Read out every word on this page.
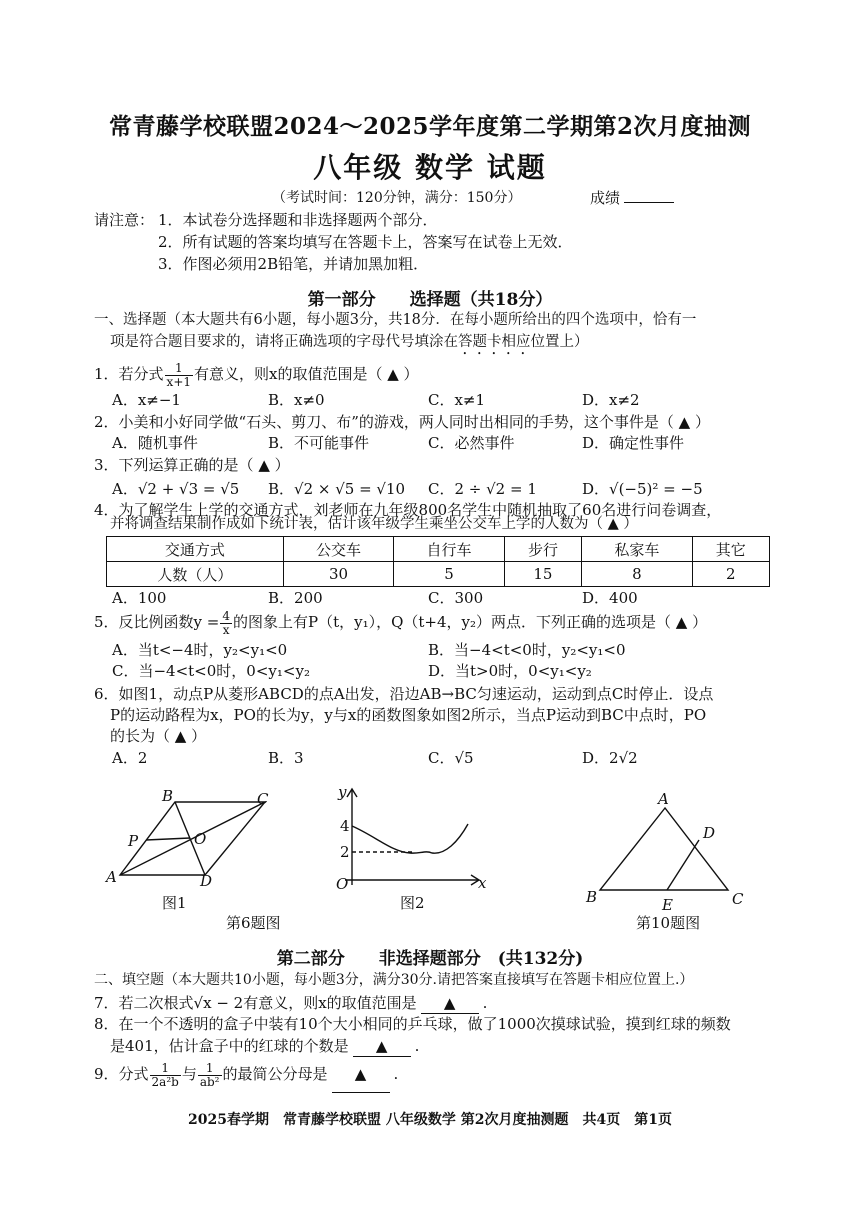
常青藤学校联盟2024～2025学年度第二学期第2次月度抽测
八年级 数学 试题
（考试时间：120分钟，满分：150分）	成绩
请注意： 1．本试卷分选择题和非选择题两个部分．
2．所有试题的答案均填写在答题卡上，答案写在试卷上无效．
3．作图必须用2B铅笔，并请加黑加粗．
第一部分　　选择题（共18分）
一、选择题（本大题共有6小题，每小题3分，共18分．在每小题所给出的四个选项中，恰有一
项是符合题目要求的，请将正确选项的字母代号填涂在答题卡相应位置上）
1．若分式 $\frac{1}{x+1}$ 有意义，则x的取值范围是（ ▲ ）
A．x≠−1	B．x≠0	C．x≠1	D．x≠2
2．小美和小好同学做“石头、剪刀、布”的游戏，两人同时出相同的手势，这个事件是（ ▲ ）
A．随机事件	B．不可能事件	C．必然事件	D．确定性事件
3．下列运算正确的是（ ▲ ）
A．√2 + √3 = √5 B．√2 × √5 = √10 C．2 ÷ √2 = 1	D．√(−5)² = −5
4．为了解学生上学的交通方式，刘老师在九年级800名学生中随机抽取了60名进行问卷调查，
并将调查结果制作成如下统计表，估计该年级学生乘坐公交车上学的人数为（ ▲ ）
交通方式	公交车	自行车	步行	私家车	其它
人数（人）	30	5	15	8	2
A．100	B．200	C．300	D．400
5．反比例函数$y = \frac{4}{x}$ 的图象上有P（t，y₁），Q（t+4，y₂）两点．下列正确的选项是（ ▲ ）
A．当t<−4时，y₂<y₁<0	B．当−4<t<0时，y₂<y₁<0
C．当−4<t<0时，0<y₁<y₂	D．当t>0时，0<y₁<y₂
6．如图1，动点P从菱形ABCD的点A出发，沿边AB→BC匀速运动，运动到点C时停止．设点
P的运动路程为x，PO的长为y，y与x的函数图象如图2所示，当点P运动到BC中点时，PO
的长为（ ▲ ）
A．2	B．3	C．√5	D．2√2
A
B	C
D
P	O
y
x
O
4
2
A
B	C
D
E
图1	图2
第6题图	第10题图
第二部分　　非选择题部分　(共132分)
二、填空题（本大题共10小题，每小题3分，满分30分.请把答案直接填写在答题卡相应位置上.）
7．若二次根式√x − 2有意义，则x的取值范围是 ▲ .
8．在一个不透明的盒子中装有10个大小相同的乒乓球，做了1000次摸球试验，摸到红球的频数
是401，估计盒子中的红球的个数是 ▲ .
9．分式 $\frac{1}{\text{2a²b}}$ 与 $\frac{1}{\text{ab²}}$ 的最简公分母是 ▲ .
2025春学期　常青藤学校联盟 八年级数学 第2次月度抽测题　共4页　第1页
